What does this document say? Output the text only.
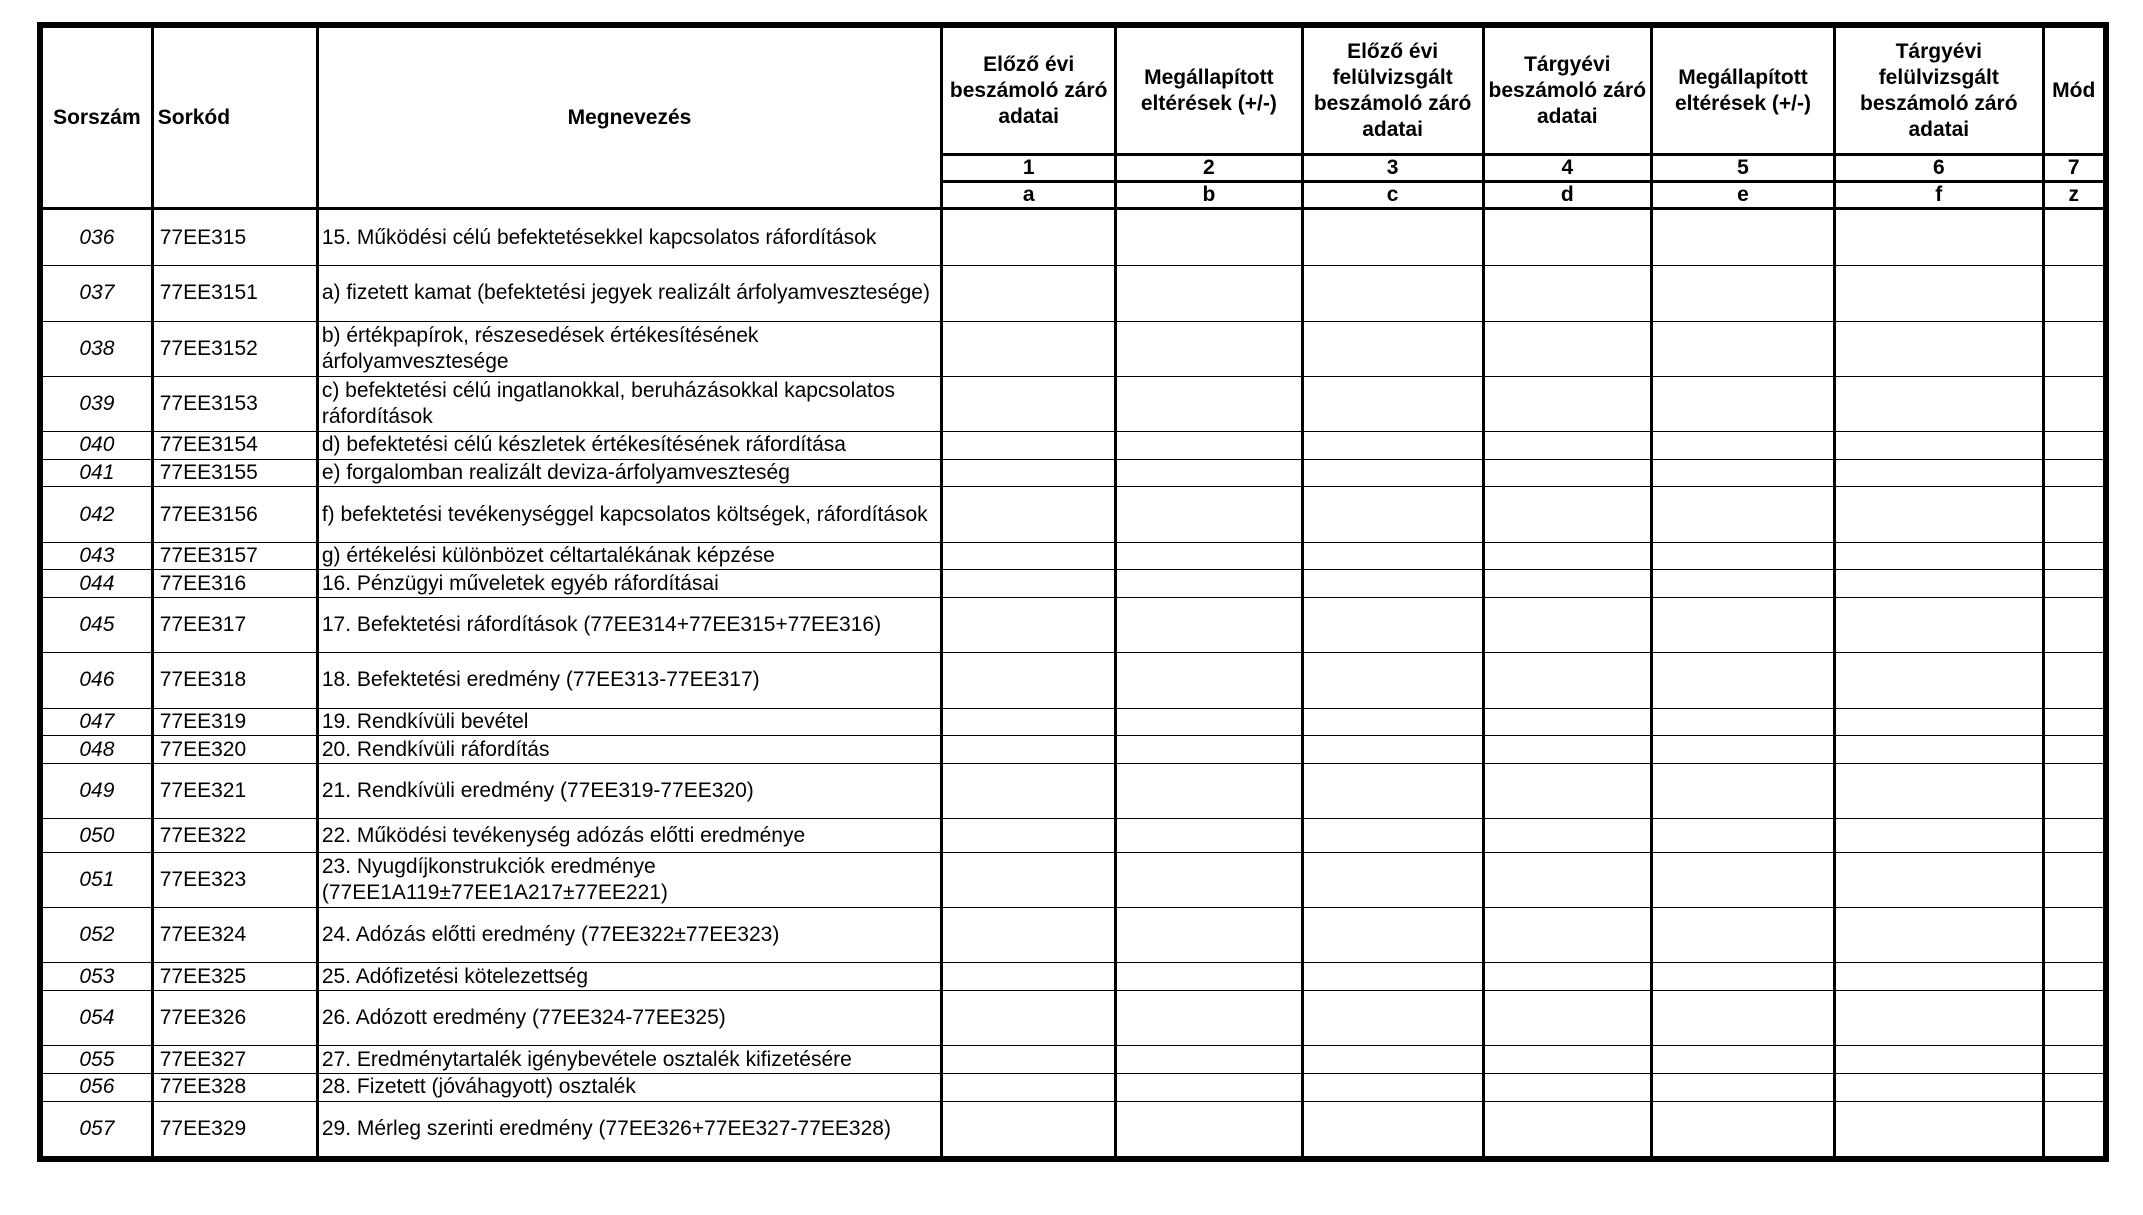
Sorszám	Sorkód	Megnevezés	Előző évi beszámoló záró adatai	Megállapított eltérések (+/-)	Előző évi felülvizsgált beszámoló záró adatai	Tárgyévi beszámoló záró adatai	Megállapított eltérések (+/-)	Tárgyévi felülvizsgált beszámoló záró adatai	Mód
			1	2	3	4	5	6	7
			a	b	c	d	e	f	z
036	77EE315	15. Működési célú befektetésekkel kapcsolatos ráfordítások							
037	77EE3151	a) fizetett kamat (befektetési jegyek realizált árfolyamvesztesége)							
038	77EE3152	b) értékpapírok, részesedések értékesítésének árfolyamvesztesége							
039	77EE3153	c) befektetési célú ingatlanokkal, beruházásokkal kapcsolatos ráfordítások							
040	77EE3154	d) befektetési célú készletek értékesítésének ráfordítása							
041	77EE3155	e) forgalomban realizált deviza-árfolyamveszteség							
042	77EE3156	f) befektetési tevékenységgel kapcsolatos költségek, ráfordítások							
043	77EE3157	g) értékelési különbözet céltartalékának képzése							
044	77EE316	16. Pénzügyi műveletek egyéb ráfordításai							
045	77EE317	17. Befektetési ráfordítások (77EE314+77EE315+77EE316)							
046	77EE318	18. Befektetési eredmény (77EE313-77EE317)							
047	77EE319	19. Rendkívüli bevétel							
048	77EE320	20. Rendkívüli ráfordítás							
049	77EE321	21. Rendkívüli eredmény (77EE319-77EE320)							
050	77EE322	22. Működési tevékenység adózás előtti eredménye							
051	77EE323	23. Nyugdíjkonstrukciók eredménye (77EE1A119±77EE1A217±77EE221)							
052	77EE324	24. Adózás előtti eredmény (77EE322±77EE323)							
053	77EE325	25. Adófizetési kötelezettség							
054	77EE326	26. Adózott eredmény (77EE324-77EE325)							
055	77EE327	27. Eredménytartalék igénybevétele osztalék kifizetésére							
056	77EE328	28. Fizetett (jóváhagyott) osztalék							
057	77EE329	29. Mérleg szerinti eredmény (77EE326+77EE327-77EE328)							
